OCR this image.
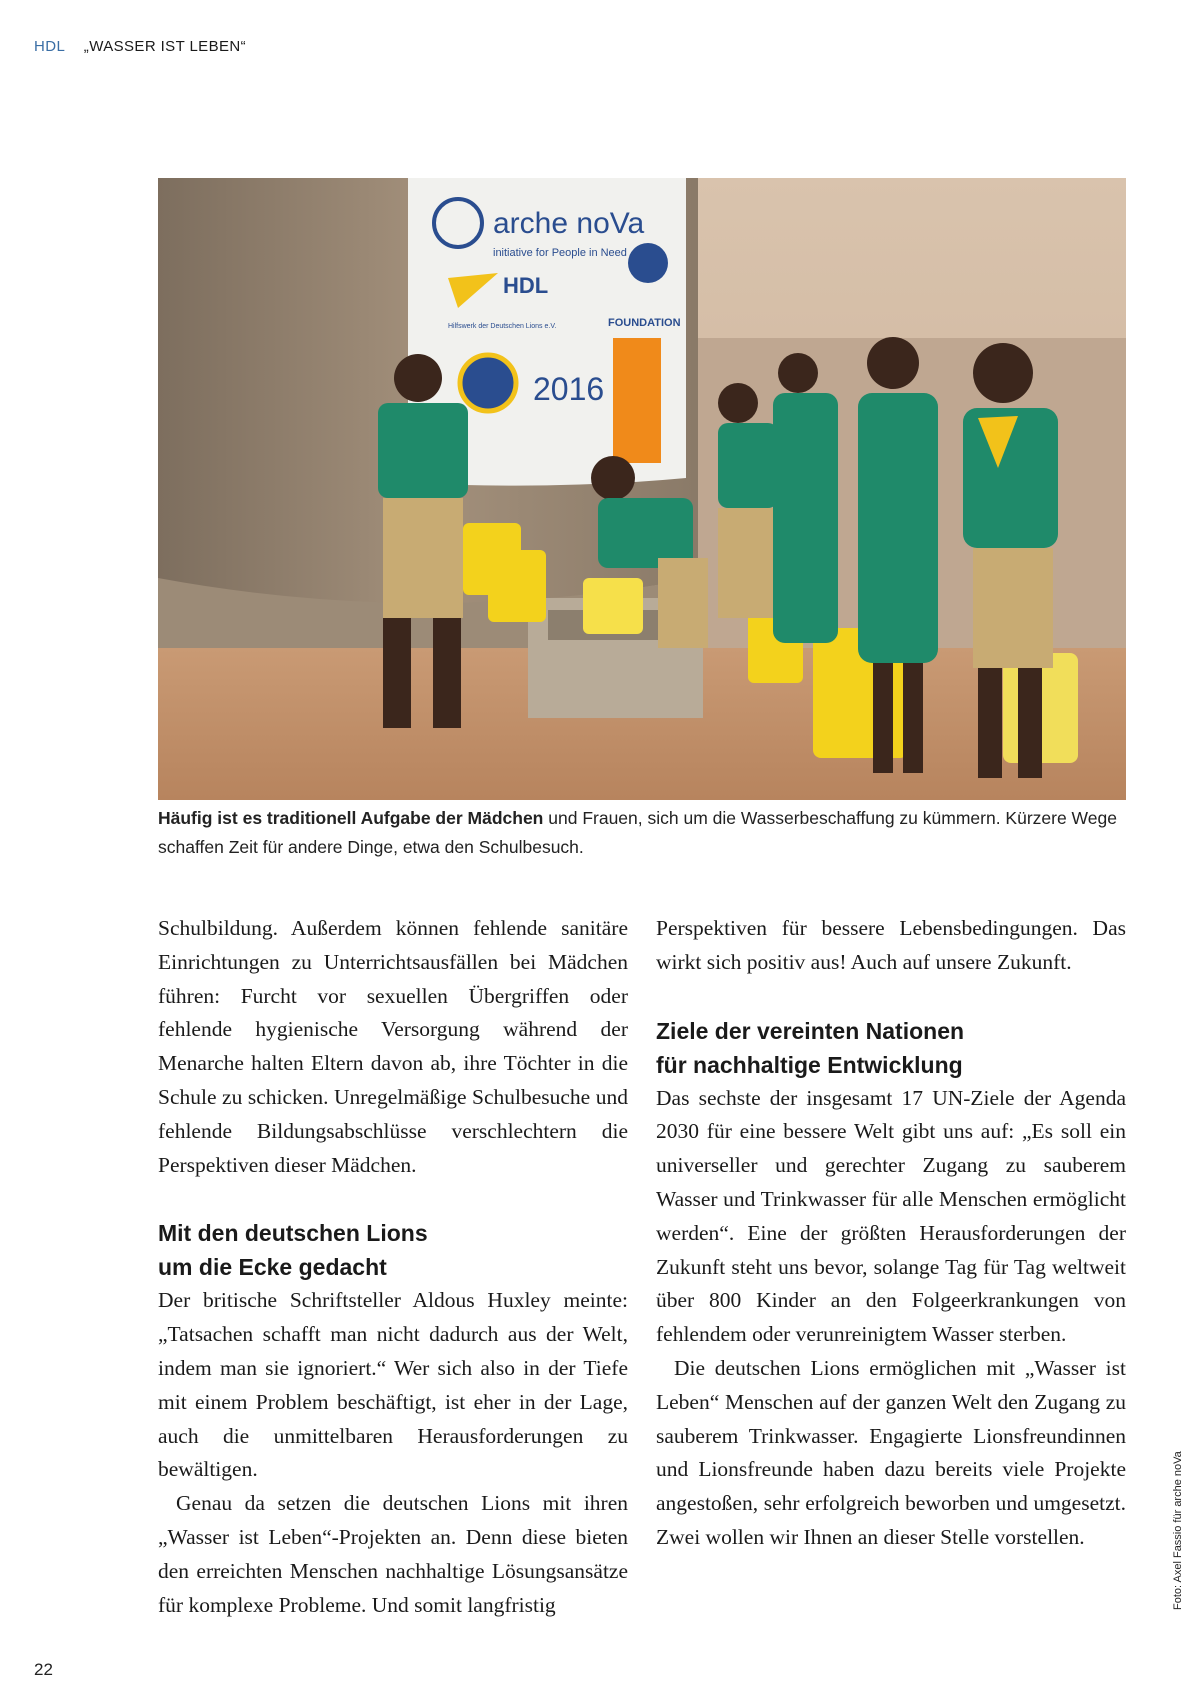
HDL „WASSER IST LEBEN“
arche noVa
initiative for People in Need
HDL
Hilfswerk der Deutschen Lions e.V.	FOUNDATION
2016
Häufig ist es traditionell Aufgabe der Mädchen und Frauen, sich um die Wasserbeschaffung zu kümmern. Kürzere Wege schaffen Zeit für andere Dinge, etwa den Schulbesuch.

Schulbildung. Außerdem können fehlende sanitäre Einrichtungen zu Unterrichtsausfällen bei Mädchen führen: Furcht vor sexuellen Übergriffen oder fehlende hygienische Versorgung während der Menarche halten Eltern davon ab, ihre Töchter in die Schule zu schicken. Unregelmäßige Schulbesuche und fehlende Bildungsabschlüsse verschlechtern die Perspektiven dieser Mädchen.

Mit den deutschen Lions
um die Ecke gedacht

Der britische Schriftsteller Aldous Huxley meinte: „Tatsachen schafft man nicht dadurch aus der Welt, indem man sie ignoriert.“ Wer sich also in der Tiefe mit einem Problem beschäftigt, ist eher in der Lage, auch die unmittelbaren Herausforderungen zu bewältigen.

Genau da setzen die deutschen Lions mit ihren „Wasser ist Leben“-Projekten an. Denn diese bieten den erreichten Menschen nachhaltige Lösungsansätze für komplexe Probleme. Und somit langfristig

Perspektiven für bessere Lebensbedingungen. Das wirkt sich positiv aus! Auch auf unsere Zukunft.

Ziele der vereinten Nationen
für nachhaltige Entwicklung

Das sechste der insgesamt 17 UN-Ziele der Agenda 2030 für eine bessere Welt gibt uns auf: „Es soll ein universeller und gerechter Zugang zu sauberem Wasser und Trinkwasser für alle Menschen ermöglicht werden“. Eine der größten Herausforderungen der Zukunft steht uns bevor, solange Tag für Tag weltweit über 800 Kinder an den Folgeerkrankungen von fehlendem oder verunreinigtem Wasser sterben.

Die deutschen Lions ermöglichen mit „Wasser ist Leben“ Menschen auf der ganzen Welt den Zugang zu sauberem Trinkwasser. Engagierte Lionsfreundinnen und Lionsfreunde haben dazu bereits viele Projekte angestoßen, sehr erfolgreich beworben und umgesetzt. Zwei wollen wir Ihnen an dieser Stelle vorstellen.	Foto: Axel Fassio für arche noVa
22
